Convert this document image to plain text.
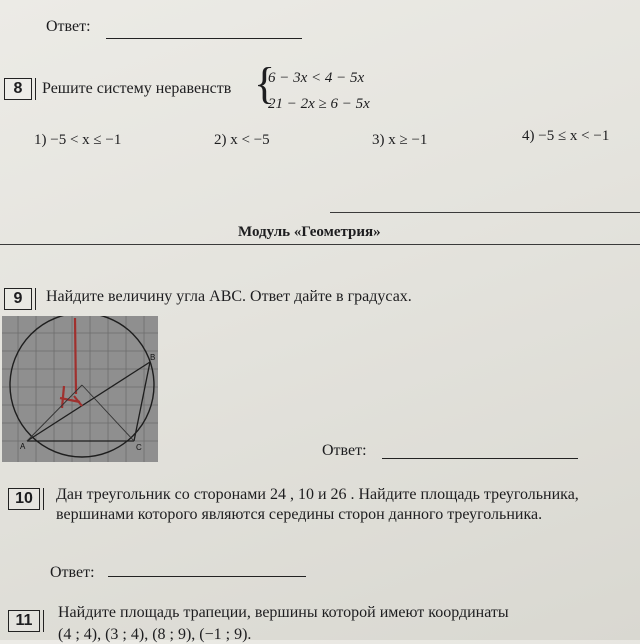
Ответ:
8	Решите систему неравенств {
6 − 3x < 4 − 5x
21 − 2x ≥ 6 − 5x
1) −5 < x ≤ −1	2) x < −5	3) x ≥ −1	4) −5 ≤ x < −1
Модуль «Геометрия»
9	Найдите величину угла ABC. Ответ дайте в градусах.
A
B
C	Ответ:
10	Дан треугольник со сторонами 24 , 10 и 26 . Найдите площадь треугольника,
вершинами которого являются середины сторон данного треугольника.
Ответ:
11	Найдите площадь трапеции, вершины которой имеют координаты
(4 ; 4), (3 ; 4), (8 ; 9), (−1 ; 9).
